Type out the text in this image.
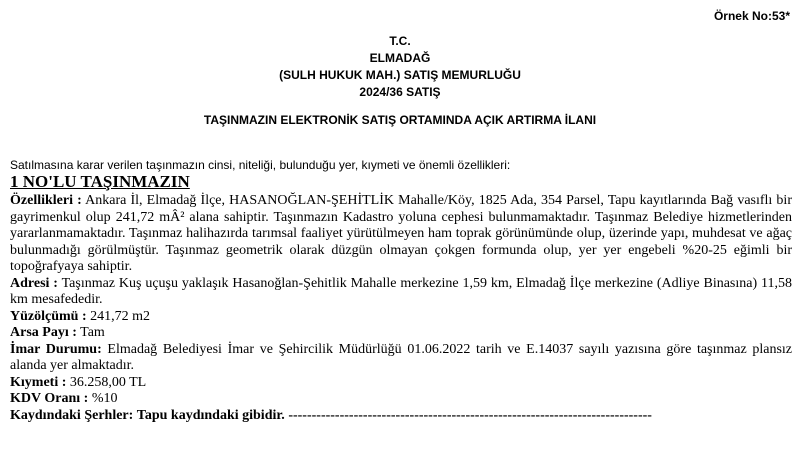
Örnek No:53*
T.C.
ELMADAĞ
(SULH HUKUK MAH.) SATIŞ MEMURLUĞU
2024/36 SATIŞ
TAŞINMAZIN ELEKTRONİK SATIŞ ORTAMINDA AÇIK ARTIRMA İLANI
Satılmasına karar verilen taşınmazın cinsi, niteliği, bulunduğu yer, kıymeti ve önemli özellikleri:
1 NO'LU TAŞINMAZIN
Özellikleri : Ankara İl, Elmadağ İlçe, HASANOĞLAN-ŞEHİTLİK Mahalle/Köy, 1825 Ada, 354 Parsel, Tapu kayıtlarında Bağ vasıflı bir gayrimenkul olup 241,72 mÂ² alana sahiptir. Taşınmazın Kadastro yoluna cephesi bulunmamaktadır. Taşınmaz Belediye hizmetlerinden yararlanmamaktadır. Taşınmaz halihazırda tarımsal faaliyet yürütülmeyen ham toprak görünümünde olup, üzerinde yapı, muhdesat ve ağaç bulunmadığı görülmüştür. Taşınmaz geometrik olarak düzgün olmayan çokgen formunda olup, yer yer engebeli %20-25 eğimli bir topoğrafyaya sahiptir.
Adresi : Taşınmaz Kuş uçuşu yaklaşık Hasanoğlan-Şehitlik Mahalle merkezine 1,59 km, Elmadağ İlçe merkezine (Adliye Binasına) 11,58 km mesafededir.
Yüzölçümü : 241,72 m2
Arsa Payı : Tam
İmar Durumu: Elmadağ Belediyesi İmar ve Şehircilik Müdürlüğü 01.06.2022 tarih ve E.14037 sayılı yazısına göre taşınmaz plansız alanda yer almaktadır.
Kıymeti : 36.258,00 TL
KDV Oranı : %10
Kaydındaki Şerhler: Tapu kaydındaki gibidir. ------------------------------------------------------------------------------
